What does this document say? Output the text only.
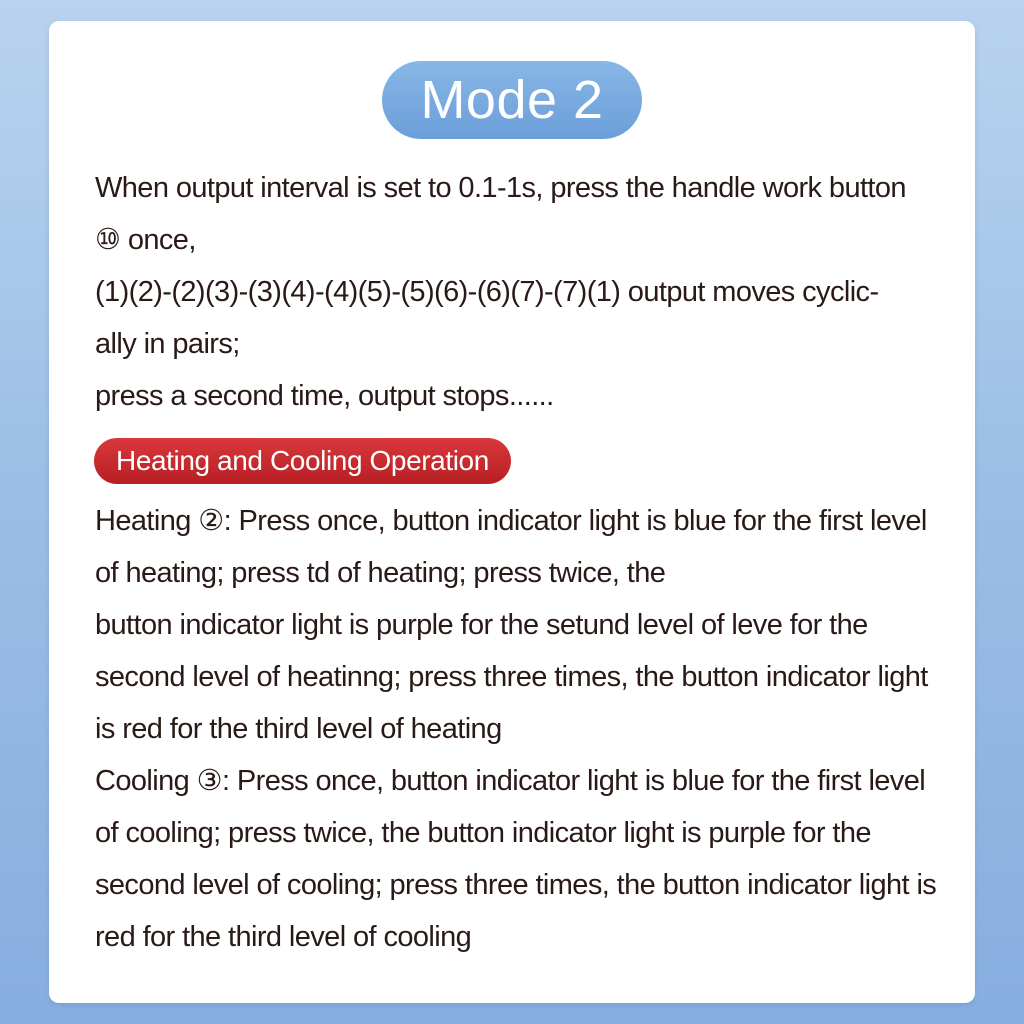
Mode 2
When output interval is set to 0.1-1s, press the handle work button
⑩ once,
(1)(2)-(2)(3)-(3)(4)-(4)(5)-(5)(6)-(6)(7)-(7)(1) output moves cyclic-
ally in pairs;
press a second time, output stops......
Heating and Cooling Operation
Heating ②: Press once, button indicator light is blue for the first level
of heating; press td of heating; press twice, the
button indicator light is purple for the setund level of leve for the
second level of heatinng; press three times, the button indicator light
is red for the third level of heating
Cooling ③: Press once, button indicator light is blue for the first level
of cooling; press twice, the button indicator light is purple for the
second level of cooling; press three times, the button indicator light is
red for the third level of cooling
